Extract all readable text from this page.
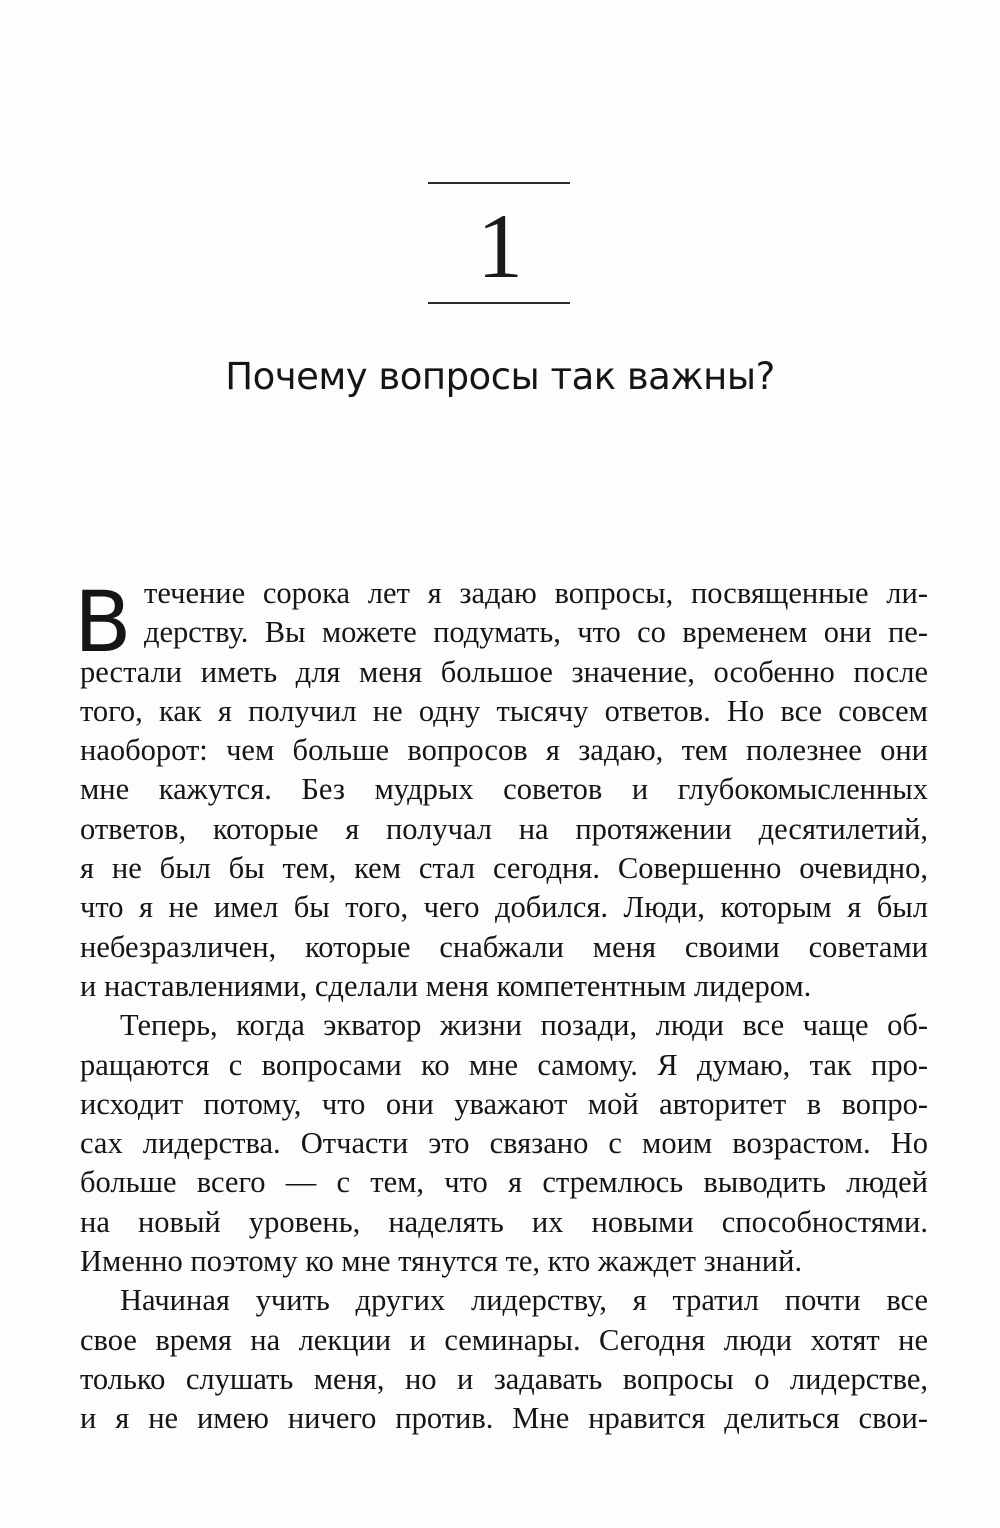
1
Почему вопросы так важны?
В течение сорока лет я задаю вопросы, посвященные ли-
дерству. Вы можете подумать, что со временем они пе-
рестали иметь для меня большое значение, особенно после
того, как я получил не одну тысячу ответов. Но все совсем
наоборот: чем больше вопросов я задаю, тем полезнее они
мне кажутся. Без мудрых советов и глубокомысленных
ответов, которые я получал на протяжении десятилетий,
я не был бы тем, кем стал сегодня. Совершенно очевидно,
что я не имел бы того, чего добился. Люди, которым я был
небезразличен, которые снабжали меня своими советами
и наставлениями, сделали меня компетентным лидером.
Теперь, когда экватор жизни позади, люди все чаще об-
ращаются с вопросами ко мне самому. Я думаю, так про-
исходит потому, что они уважают мой авторитет в вопро-
сах лидерства. Отчасти это связано с моим возрастом. Но
больше всего — с тем, что я стремлюсь выводить людей
на новый уровень, наделять их новыми способностями.
Именно поэтому ко мне тянутся те, кто жаждет знаний.
Начиная учить других лидерству, я тратил почти все
свое время на лекции и семинары. Сегодня люди хотят не
только слушать меня, но и задавать вопросы о лидерстве,
и я не имею ничего против. Мне нравится делиться свои-
